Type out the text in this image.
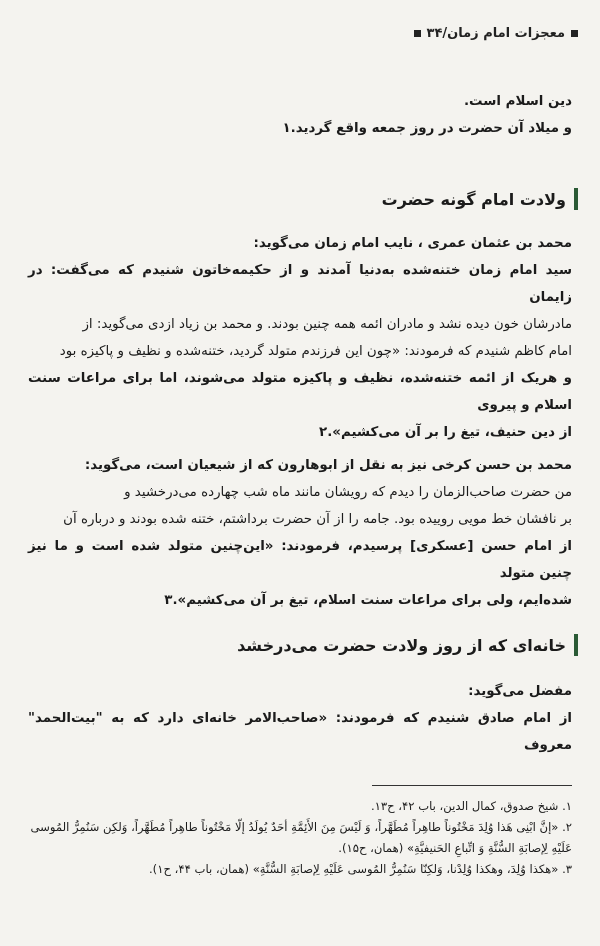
معجزات امام زمان/۳۴

دین اسلام است.

و میلاد آن حضرت در روز جمعه واقع گردید.۱

ولادت امام گونه حضرت

محمد بن عثمان عمری ، نایب امام زمان می‌گوید:

سید امام زمان ختنه‌شده به‌دنیا آمدند و از حکیمه‌خاتون شنیدم که می‌گفت: در زایمان

مادرشان خون دیده نشد و مادران ائمه همه چنین بودند. و محمد بن زیاد ازدی می‌گوید: از

امام کاظم شنیدم که فرمودند: «چون این فرزندم متولد گردید، ختنه‌شده و نظیف و پاکیزه بود

و هریک از ائمه ختنه‌شده، نظیف و پاکیزه متولد می‌شوند، اما برای مراعات سنت اسلام و پیروی

از دین حنیف، تیغ را بر آن می‌کشیم».۲

محمد بن حسن کرخی نیز به نقل از ابوهارون که از شیعیان است، می‌گوید:

من حضرت صاحب‌الزمان را دیدم که رویشان مانند ماه شب چهارده می‌درخشید و

بر نافشان خط مویی روییده بود. جامه را از آن حضرت برداشتم، ختنه شده بودند و درباره آن

از امام حسن [عسکری] پرسیدم، فرمودند: «این‌چنین متولد شده است و ما نیز چنین متولد

شده‌ایم، ولی برای مراعات سنت اسلام، تیغ بر آن می‌کشیم».۳

خانه‌ای که از روز ولادت حضرت می‌درخشد

مفضل می‌گوید:

از امام صادق شنیدم که فرمودند: «صاحب‌الامر خانه‌ای دارد که به "بیت‌الحمد" معروف

۱. شیخ صدوق، کمال الدین، باب ۴۲، ح۱۳.

۲. «إنَّ ابْنِی هَذا وُلِدَ مَخْتُوناً طاهِراً مُطَهَّراً، وَ لَیْسَ مِنَ الأَئِمَّةِ أحَدٌ یُولَدُ إلّا مَخْتُوناً طاهِراً مُطَهَّراً، وَلکِن سَنُمِرُّ المُوسی

عَلَیْهِ لِإصابَةِ السُّنَّةِ وَ اتِّباعِ الحَنیفیَّةِ» (همان، ح۱۵).

۳. «هکذا وُلِدَ، وهکذا وُلِدْنا، وَلکِنّا سَنُمِرُّ المُوسی عَلَیْهِ لِإصابَةِ السُّنَّةِ» (همان، باب ۴۴، ح۱).
